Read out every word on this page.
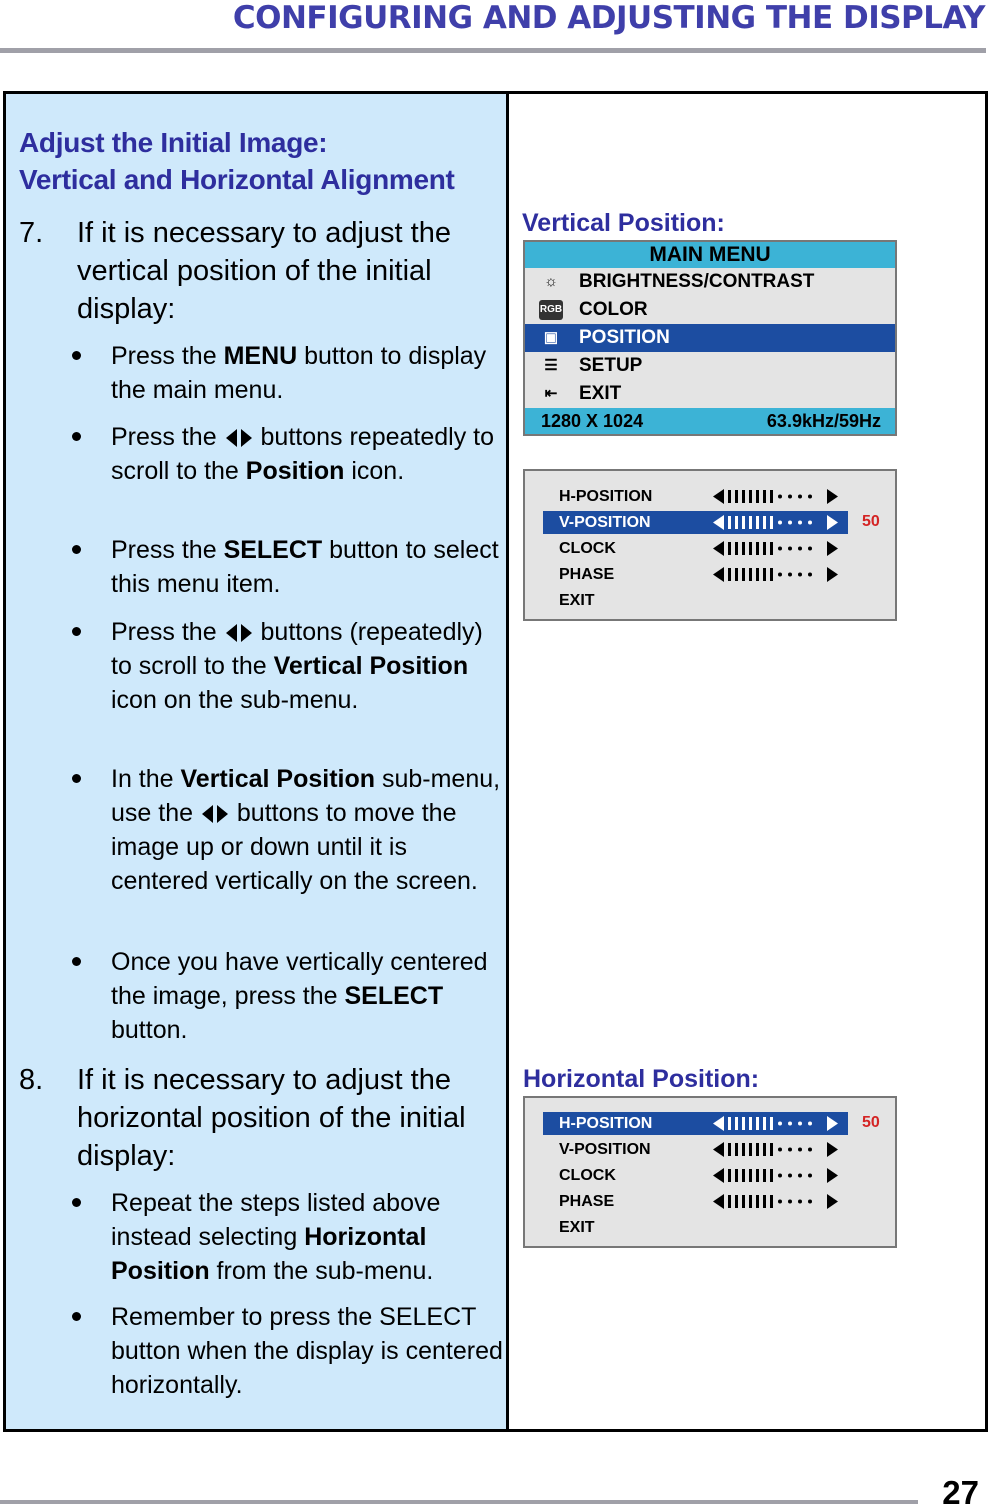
CONFIGURING AND ADJUSTING THE DISPLAY
Adjust the Initial Image:
Vertical and Horizontal Alignment
7. If it is necessary to adjust the vertical position of the initial display:
Press the MENU button to display the main menu.
Press the  buttons repeatedly to scroll to the Position icon.
Press the SELECT button to select this menu item.
Press the  buttons (repeatedly) to scroll to the Vertical Position icon on the sub-menu.
In the Vertical Position sub-menu, use the  buttons to move the image up or down until it is centered vertically on the screen.
Once you have vertically centered the image, press the SELECT button.
8. If it is necessary to adjust the horizontal position of the initial display:
Repeat the steps listed above instead selecting Horizontal Position from the sub-menu.
Remember to press the SELECT button when the display is centered horizontally.
Vertical Position:
MAIN MENU
☼ BRIGHTNESS/CONTRAST
RGB COLOR
▣ POSITION
☰ SETUP
⇤	EXIT
1280 X 1024	63.9kHz/59Hz
H-POSITION
V-POSITION
CLOCK
PHASE
EXIT
50
Horizontal Position:
H-POSITION
V-POSITION
CLOCK
PHASE
EXIT
50
27
